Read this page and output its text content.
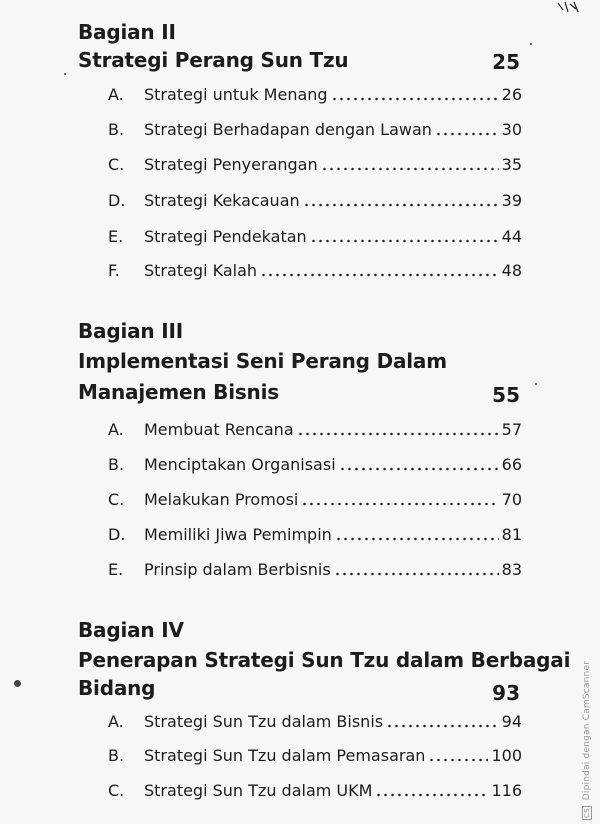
Bagian II
Strategi Perang Sun Tzu	25
A.	Strategi untuk Menang	26
B.	Strategi Berhadapan dengan Lawan	30
C.	Strategi Penyerangan	35
D.	Strategi Kekacauan	39
E.	Strategi Pendekatan	44
F.	Strategi Kalah	48
Bagian III
Implementasi Seni Perang Dalam
Manajemen Bisnis	55
A.	Membuat Rencana	57
B.	Menciptakan Organisasi	66
C.	Melakukan Promosi	70
D.	Memiliki Jiwa Pemimpin	81
E.	Prinsip dalam Berbisnis	83
Bagian IV
Penerapan Strategi Sun Tzu dalam Berbagai
Bidang	93
A.	Strategi Sun Tzu dalam Bisnis	94
B.	Strategi Sun Tzu dalam Pemasaran	100
C.	Strategi Sun Tzu dalam UKM	116
CS Dipindai dengan CamScanner
